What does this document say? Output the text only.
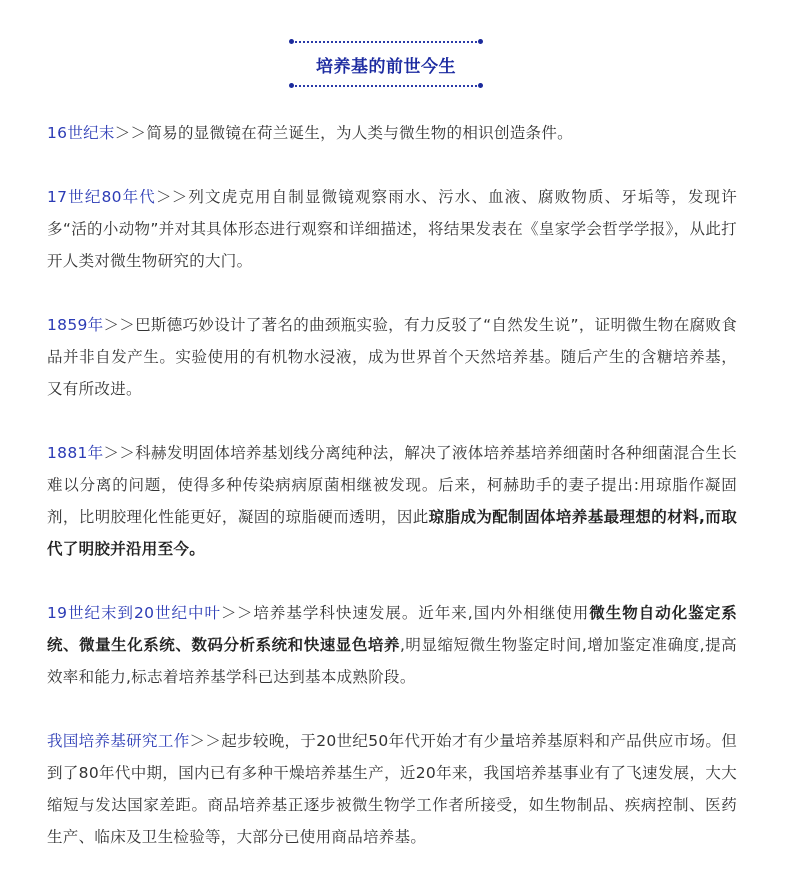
培养基的前世今生

16世纪末＞＞简易的显微镜在荷兰诞生，为人类与微生物的相识创造条件。

17世纪80年代＞＞列文虎克用自制显微镜观察雨水、污水、血液、腐败物质、牙垢等，发现许多“活的小动物”并对其具体形态进行观察和详细描述，将结果发表在《皇家学会哲学学报》，从此打开人类对微生物研究的大门。

1859年＞＞巴斯德巧妙设计了著名的曲颈瓶实验，有力反驳了“自然发生说”，证明微生物在腐败食品并非自发产生。实验使用的有机物水浸液，成为世界首个天然培养基。随后产生的含糖培养基，又有所改进。

1881年＞＞科赫发明固体培养基划线分离纯种法，解决了液体培养基培养细菌时各种细菌混合生长难以分离的问题，使得多种传染病病原菌相继被发现。后来，柯赫助手的妻子提出:用琼脂作凝固剂，比明胶理化性能更好，凝固的琼脂硬而透明，因此琼脂成为配制固体培养基最理想的材料,而取代了明胶并沿用至今。

19世纪末到20世纪中叶＞＞培养基学科快速发展。近年来,国内外相继使用微生物自动化鉴定系统、微量生化系统、数码分析系统和快速显色培养,明显缩短微生物鉴定时间,增加鉴定准确度,提高效率和能力,标志着培养基学科已达到基本成熟阶段。

我国培养基研究工作＞＞起步较晚，于20世纪50年代开始才有少量培养基原料和产品供应市场。但到了80年代中期，国内已有多种干燥培养基生产，近20年来，我国培养基事业有了飞速发展，大大缩短与发达国家差距。商品培养基正逐步被微生物学工作者所接受，如生物制品、疾病控制、医药生产、临床及卫生检验等，大部分已使用商品培养基。
